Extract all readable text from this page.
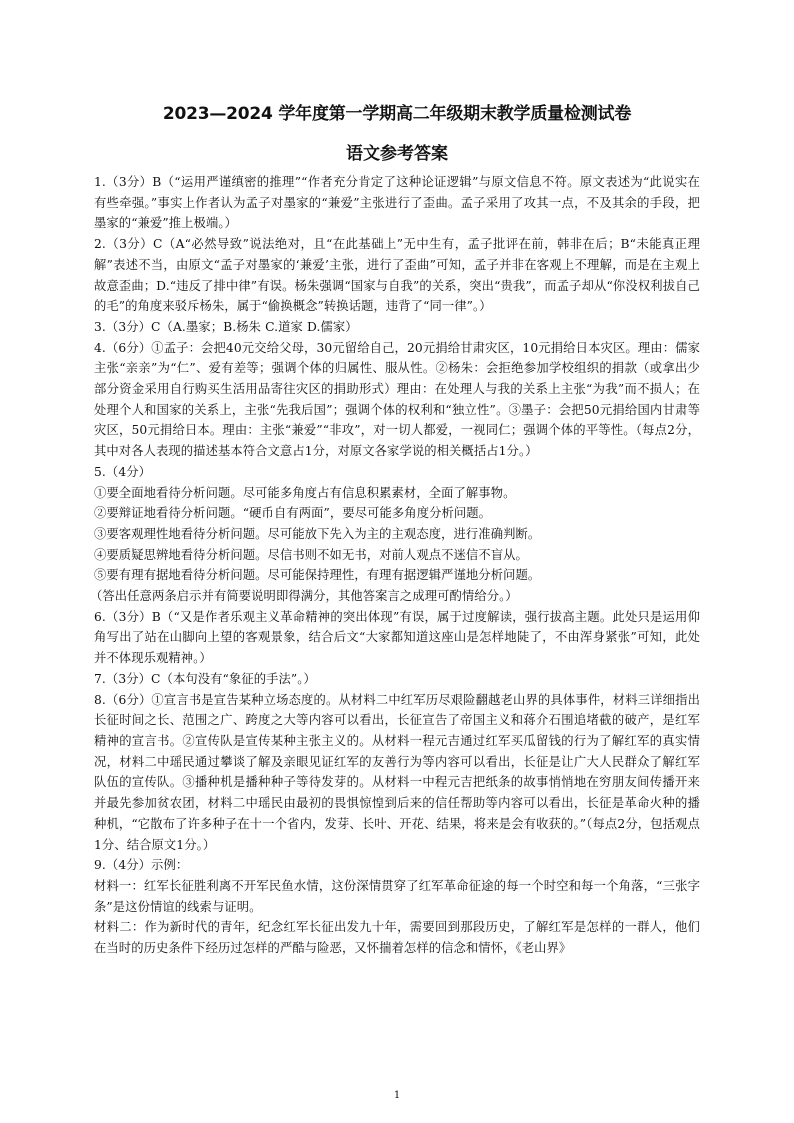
2023—2024 学年度第一学期高二年级期末教学质量检测试卷
语文参考答案

1.（3分）B（“运用严谨缜密的推理”“作者充分肯定了这种论证逻辑”与原文信息不符。原文表述为“此说实在有些牵强。”事实上作者认为孟子对墨家的“兼爱”主张进行了歪曲。孟子采用了攻其一点，不及其余的手段，把墨家的“兼爱”推上极端。）

2.（3分）C（A“必然导致”说法绝对，且“在此基础上”无中生有，孟子批评在前，韩非在后；B“未能真正理解”表述不当，由原文“孟子对墨家的‘兼爱’主张，进行了歪曲”可知，孟子并非在客观上不理解，而是在主观上故意歪曲；D.“违反了排中律”有误。杨朱强调“国家与自我”的关系，突出“贵我”，而孟子却从“你没权利拔自己的毛”的角度来驳斥杨朱，属于“偷换概念”转换话题，违背了“同一律”。）

3.（3分）C（A.墨家；B.杨朱 C.道家 D.儒家）

4.（6分）①孟子：会把40元交给父母，30元留给自己，20元捐给甘肃灾区，10元捐给日本灾区。理由：儒家主张“亲亲”为“仁”、爱有差等；强调个体的归属性、服从性。②杨朱：会拒绝参加学校组织的捐款（或拿出少部分资金采用自行购买生活用品寄往灾区的捐助形式）理由：在处理人与我的关系上主张“为我”而不损人；在处理个人和国家的关系上，主张“先我后国”；强调个体的权利和“独立性”。③墨子：会把50元捐给国内甘肃等灾区，50元捐给日本。理由：主张“兼爱”“非攻”，对一切人都爱，一视同仁；强调个体的平等性。（每点2分，其中对各人表现的描述基本符合文意占1分，对原文各家学说的相关概括占1分。）

5.（4分）

①要全面地看待分析问题。尽可能多角度占有信息积累素材，全面了解事物。

②要辩证地看待分析问题。“硬币自有两面”，要尽可能多角度分析问题。

③要客观理性地看待分析问题。尽可能放下先入为主的主观态度，进行准确判断。

④要质疑思辨地看待分析问题。尽信书则不如无书，对前人观点不迷信不盲从。

⑤要有理有据地看待分析问题。尽可能保持理性，有理有据逻辑严谨地分析问题。

（答出任意两条启示并有简要说明即得满分，其他答案言之成理可酌情给分。）

6.（3分）B（“又是作者乐观主义革命精神的突出体现”有误，属于过度解读，强行拔高主题。此处只是运用仰角写出了站在山脚向上望的客观景象，结合后文“大家都知道这座山是怎样地陡了，不由浑身紧张”可知，此处并不体现乐观精神。）

7.（3分）C（本句没有“象征的手法”。）

8.（6分）①宣言书是宣告某种立场态度的。从材料二中红军历尽艰险翻越老山界的具体事件，材料三详细指出长征时间之长、范围之广、跨度之大等内容可以看出，长征宣告了帝国主义和蒋介石围追堵截的破产，是红军精神的宣言书。②宣传队是宣传某种主张主义的。从材料一程元吉通过红军买瓜留钱的行为了解红军的真实情况，材料二中瑶民通过攀谈了解及亲眼见证红军的友善行为等内容可以看出，长征是让广大人民群众了解红军队伍的宣传队。③播种机是播种种子等待发芽的。从材料一中程元吉把纸条的故事悄悄地在穷朋友间传播开来并最先参加贫农团，材料二中瑶民由最初的畏惧惊惶到后来的信任帮助等内容可以看出，长征是革命火种的播种机，“它散布了许多种子在十一个省内，发芽、长叶、开花、结果，将来是会有收获的。”（每点2分，包括观点1分、结合原文1分。）

9.（4分）示例：

材料一：红军长征胜利离不开军民鱼水情，这份深情贯穿了红军革命征途的每一个时空和每一个角落，“三张字条”是这份情谊的线索与证明。

材料二：作为新时代的青年，纪念红军长征出发九十年，需要回到那段历史，了解红军是怎样的一群人，他们在当时的历史条件下经历过怎样的严酷与险恶，又怀揣着怎样的信念和情怀，《老山界》

1
